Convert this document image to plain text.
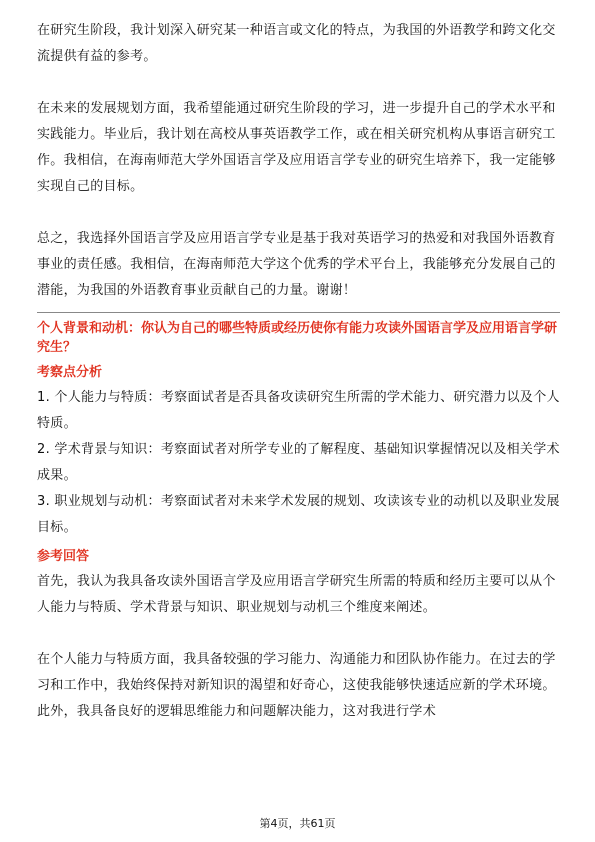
在研究生阶段，我计划深入研究某一种语言或文化的特点，为我国的外语教学和跨文化交流提供有益的参考。

在未来的发展规划方面，我希望能通过研究生阶段的学习，进一步提升自己的学术水平和实践能力。毕业后，我计划在高校从事英语教学工作，或在相关研究机构从事语言研究工作。我相信，在海南师范大学外国语言学及应用语言学专业的研究生培养下，我一定能够实现自己的目标。

总之，我选择外国语言学及应用语言学专业是基于我对英语学习的热爱和对我国外语教育事业的责任感。我相信，在海南师范大学这个优秀的学术平台上，我能够充分发展自己的潜能，为我国的外语教育事业贡献自己的力量。谢谢！

个人背景和动机：你认为自己的哪些特质或经历使你有能力攻读外国语言学及应用语言学研究生？

考察点分析

1. 个人能力与特质：考察面试者是否具备攻读研究生所需的学术能力、研究潜力以及个人特质。

2. 学术背景与知识：考察面试者对所学专业的了解程度、基础知识掌握情况以及相关学术成果。

3. 职业规划与动机：考察面试者对未来学术发展的规划、攻读该专业的动机以及职业发展目标。

参考回答

首先，我认为我具备攻读外国语言学及应用语言学研究生所需的特质和经历主要可以从个人能力与特质、学术背景与知识、职业规划与动机三个维度来阐述。

在个人能力与特质方面，我具备较强的学习能力、沟通能力和团队协作能力。在过去的学习和工作中，我始终保持对新知识的渴望和好奇心，这使我能够快速适应新的学术环境。此外，我具备良好的逻辑思维能力和问题解决能力，这对我进行学术

第4页，共61页
